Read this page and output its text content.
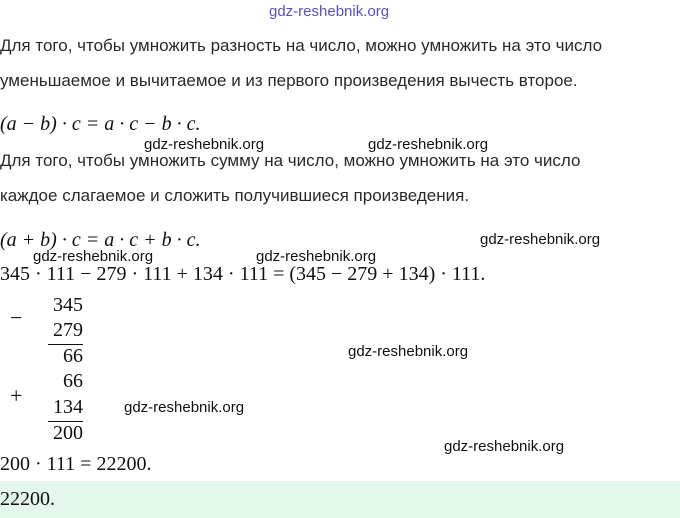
gdz-reshebnik.org
Для того, чтобы умножить разность на число, можно умножить на это число
уменьшаемое и вычитаемое и из первого произведения вычесть второе.
(a − b) · c = a · c − b · c.
gdz-reshebnik.org	gdz-reshebnik.org
Для того, чтобы умножить сумму на число, можно умножить на это число
каждое слагаемое и сложить получившиеся произведения.
(a + b) · c = a · c + b · c.	gdz-reshebnik.org
gdz-reshebnik.org	gdz-reshebnik.org
345 · 111 − 279 · 111 + 134 · 111 = (345 − 279 + 134) · 111.
−	345
279
66	gdz-reshebnik.org
+
66
134
200
gdz-reshebnik.org
gdz-reshebnik.org
200 · 111 = 22200.
22200.
